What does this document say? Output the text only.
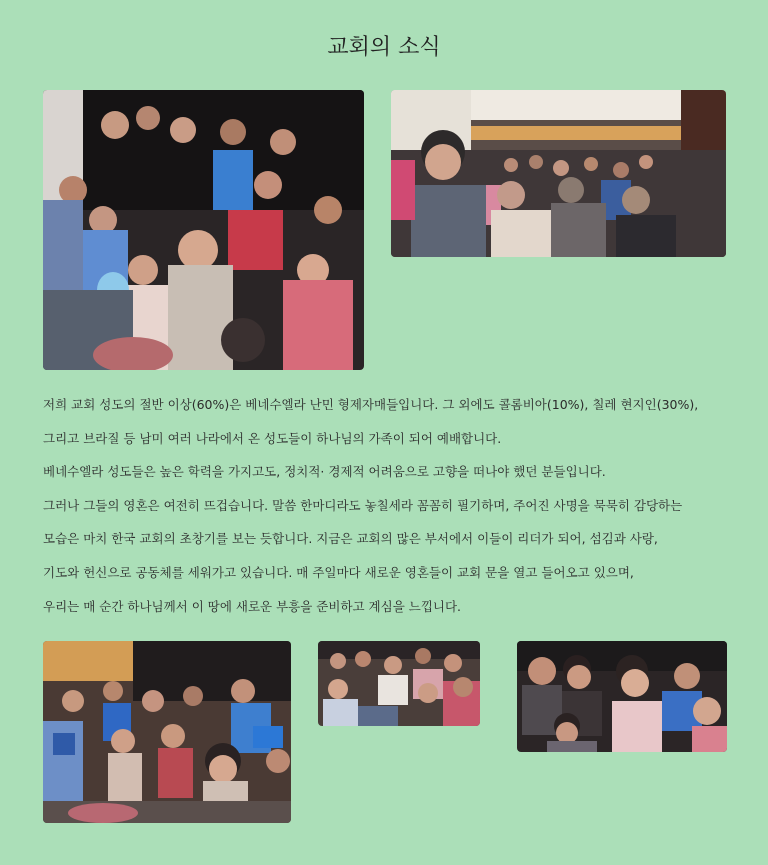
교회의 소식

저희 교회 성도의 절반 이상(60%)은 베네수엘라 난민 형제자매들입니다. 그 외에도 콜롬비아(10%), 칠레 현지인(30%),

그리고 브라질 등 남미 여러 나라에서 온 성도들이 하나님의 가족이 되어 예배합니다.

베네수엘라 성도들은 높은 학력을 가지고도, 정치적· 경제적 어려움으로 고향을 떠나야 했던 분들입니다.

그러나 그들의 영혼은 여전히 뜨겁습니다. 말씀 한마디라도 놓칠세라 꼼꼼히 필기하며, 주어진 사명을 묵묵히 감당하는

모습은 마치 한국 교회의 초창기를 보는 듯합니다. 지금은 교회의 많은 부서에서 이들이 리더가 되어, 섬김과 사랑,

기도와 헌신으로 공동체를 세워가고 있습니다. 매 주일마다 새로운 영혼들이 교회 문을 열고 들어오고 있으며,

우리는 매 순간 하나님께서 이 땅에 새로운 부흥을 준비하고 계심을 느낍니다.
